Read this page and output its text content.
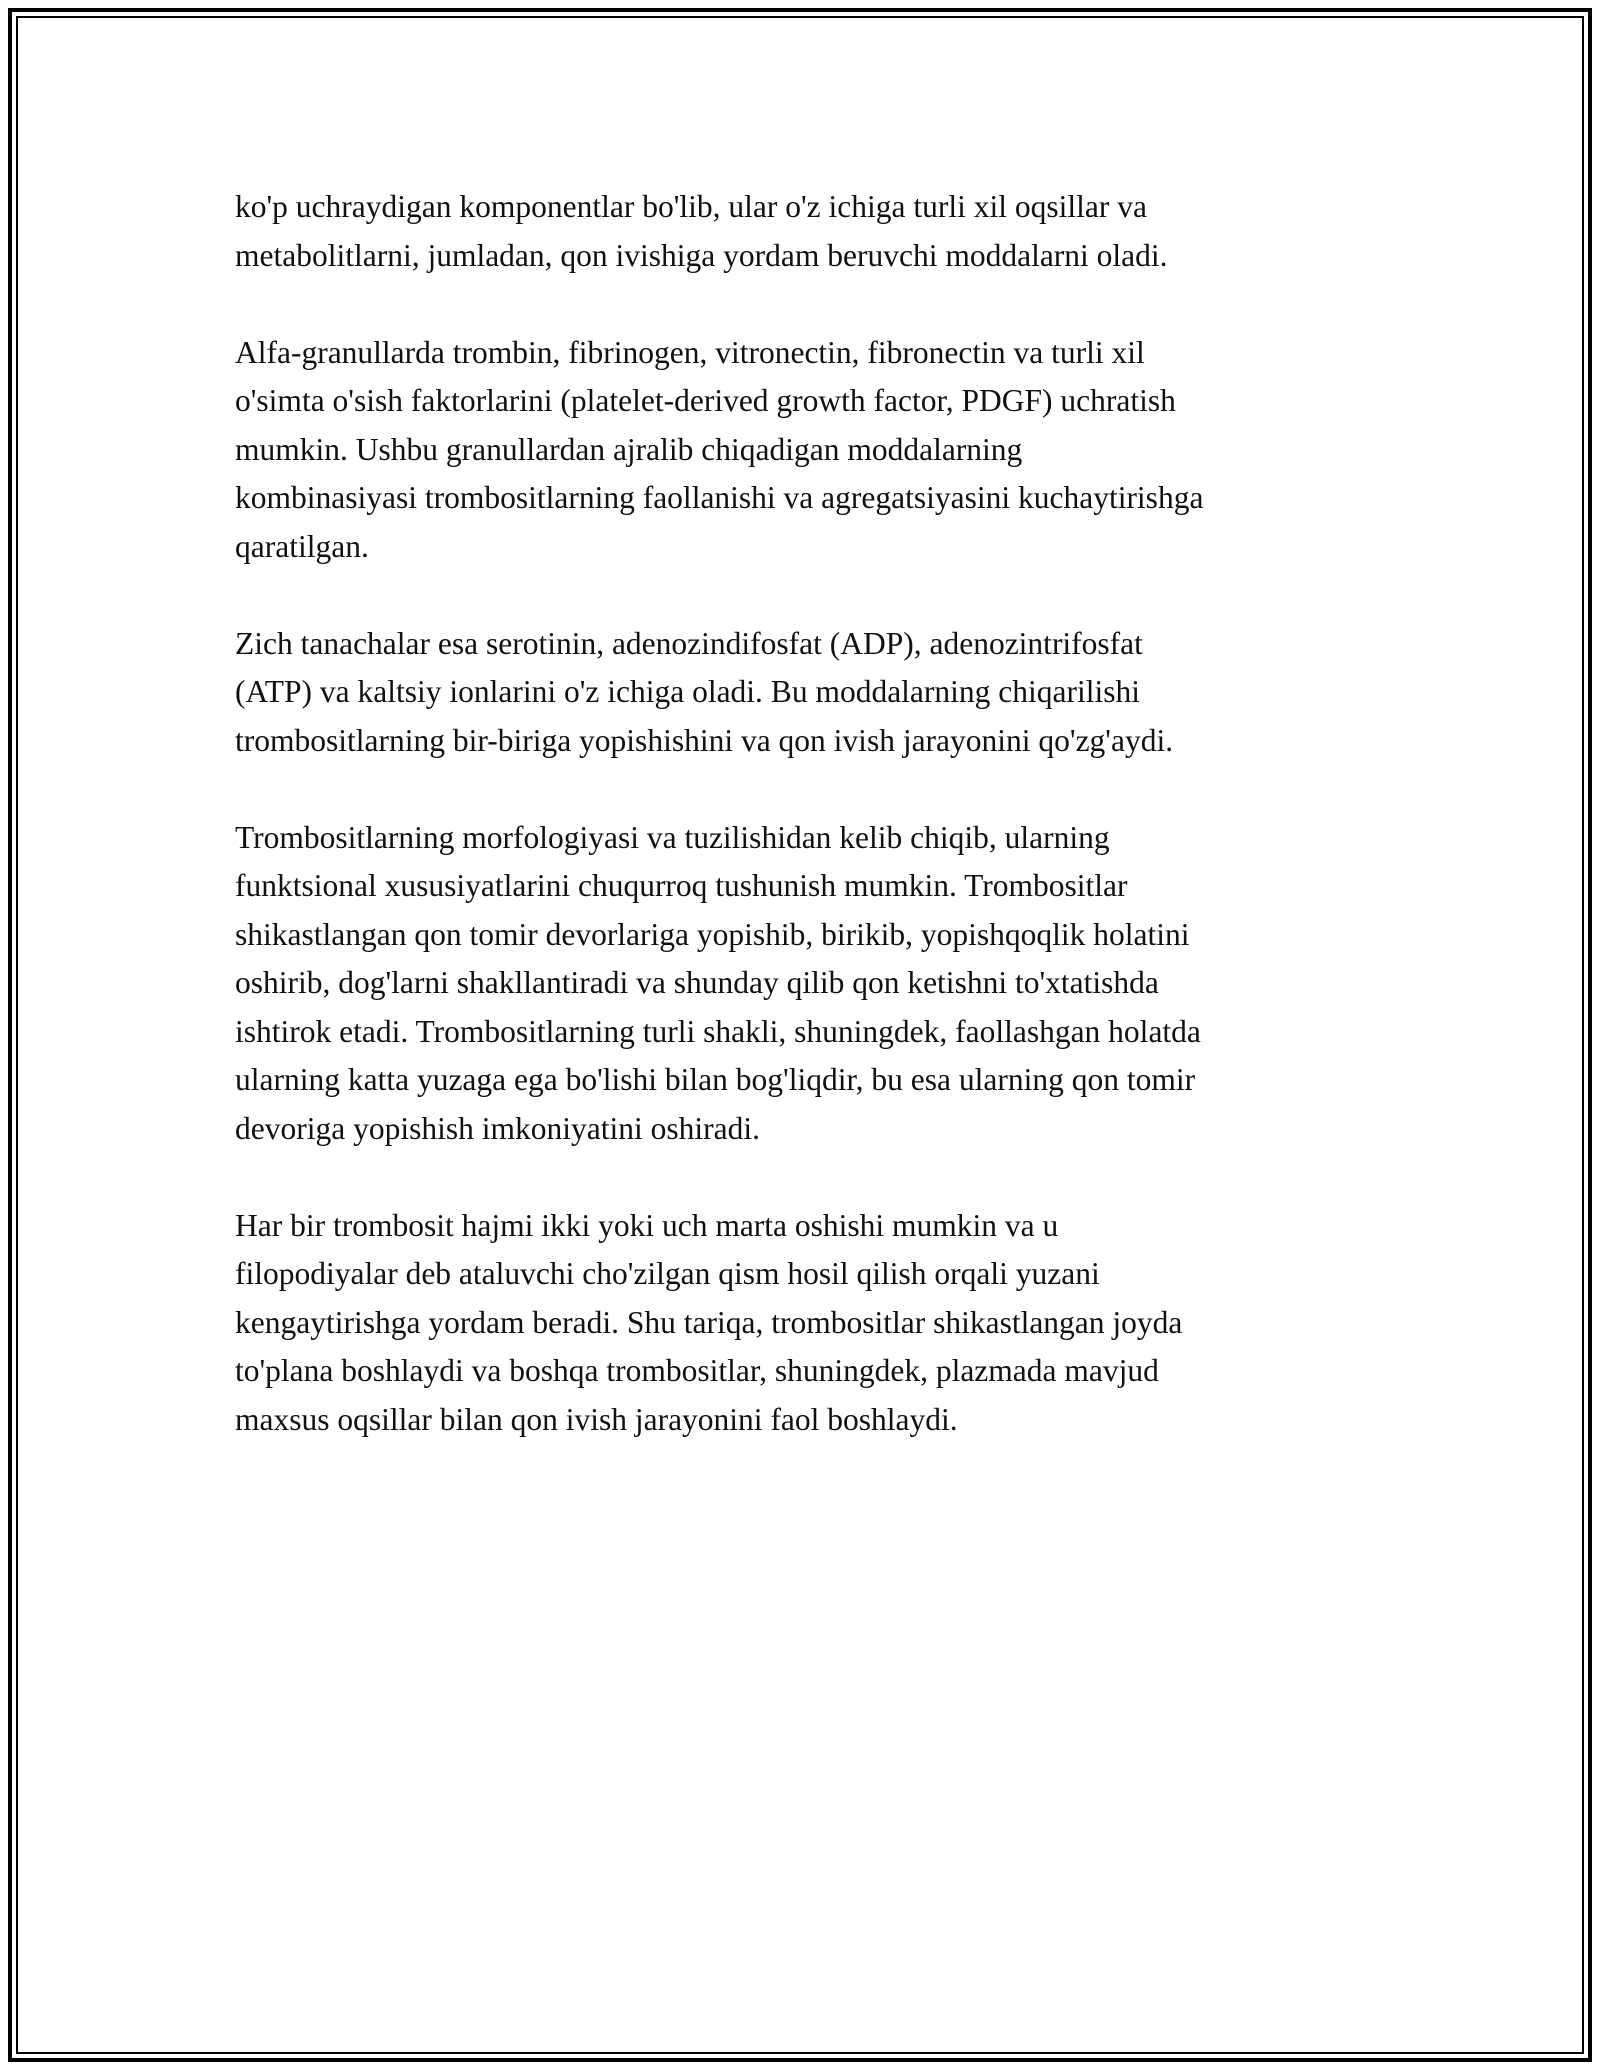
ko'p uchraydigan komponentlar bo'lib, ular o'z ichiga turli xil oqsillar va
metabolitlarni, jumladan, qon ivishiga yordam beruvchi moddalarni oladi.

Alfa-granullarda trombin, fibrinogen, vitronectin, fibronectin va turli xil
o'simta o'sish faktorlarini (platelet-derived growth factor, PDGF) uchratish
mumkin. Ushbu granullardan ajralib chiqadigan moddalarning
kombinasiyasi trombositlarning faollanishi va agregatsiyasini kuchaytirishga
qaratilgan.

Zich tanachalar esa serotinin, adenozindifosfat (ADP), adenozintrifosfat
(ATP) va kaltsiy ionlarini o'z ichiga oladi. Bu moddalarning chiqarilishi
trombositlarning bir-biriga yopishishini va qon ivish jarayonini qo'zg'aydi.

Trombositlarning morfologiyasi va tuzilishidan kelib chiqib, ularning
funktsional xususiyatlarini chuqurroq tushunish mumkin. Trombositlar
shikastlangan qon tomir devorlariga yopishib, birikib, yopishqoqlik holatini
oshirib, dog'larni shakllantiradi va shunday qilib qon ketishni to'xtatishda
ishtirok etadi. Trombositlarning turli shakli, shuningdek, faollashgan holatda
ularning katta yuzaga ega bo'lishi bilan bog'liqdir, bu esa ularning qon tomir
devoriga yopishish imkoniyatini oshiradi.

Har bir trombosit hajmi ikki yoki uch marta oshishi mumkin va u
filopodiyalar deb ataluvchi cho'zilgan qism hosil qilish orqali yuzani
kengaytirishga yordam beradi. Shu tariqa, trombositlar shikastlangan joyda
to'plana boshlaydi va boshqa trombositlar, shuningdek, plazmada mavjud
maxsus oqsillar bilan qon ivish jarayonini faol boshlaydi.
